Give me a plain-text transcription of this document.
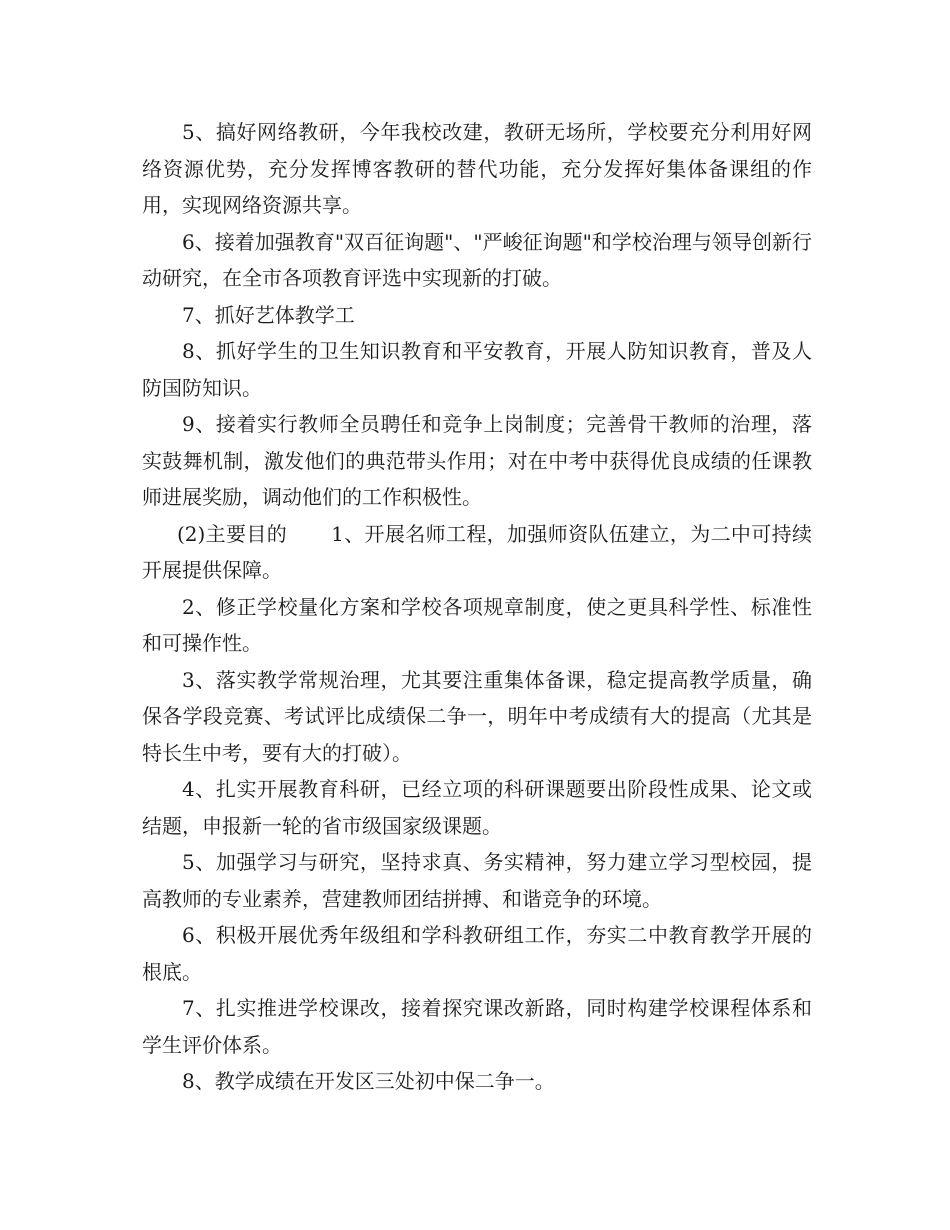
5、搞好网络教研，今年我校改建，教研无场所，学校要充分利用好网络资源优势，充分发挥博客教研的替代功能，充分发挥好集体备课组的作用，实现网络资源共享。

6、接着加强教育"双百征询题"、"严峻征询题"和学校治理与领导创新行动研究，在全市各项教育评选中实现新的打破。

7、抓好艺体教学工

8、抓好学生的卫生知识教育和平安教育，开展人防知识教育，普及人防国防知识。

9、接着实行教师全员聘任和竞争上岗制度；完善骨干教师的治理，落实鼓舞机制，激发他们的典范带头作用；对在中考中获得优良成绩的任课教师进展奖励，调动他们的工作积极性。

(2)主要目的 1、开展名师工程，加强师资队伍建立，为二中可持续开展提供保障。

2、修正学校量化方案和学校各项规章制度，使之更具科学性、标准性和可操作性。

3、落实教学常规治理，尤其要注重集体备课，稳定提高教学质量，确保各学段竞赛、考试评比成绩保二争一，明年中考成绩有大的提高（尤其是特长生中考，要有大的打破）。

4、扎实开展教育科研，已经立项的科研课题要出阶段性成果、论文或结题，申报新一轮的省市级国家级课题。

5、加强学习与研究，坚持求真、务实精神，努力建立学习型校园，提高教师的专业素养，营建教师团结拼搏、和谐竞争的环境。

6、积极开展优秀年级组和学科教研组工作，夯实二中教育教学开展的根底。

7、扎实推进学校课改，接着探究课改新路，同时构建学校课程体系和学生评价体系。

8、教学成绩在开发区三处初中保二争一。
